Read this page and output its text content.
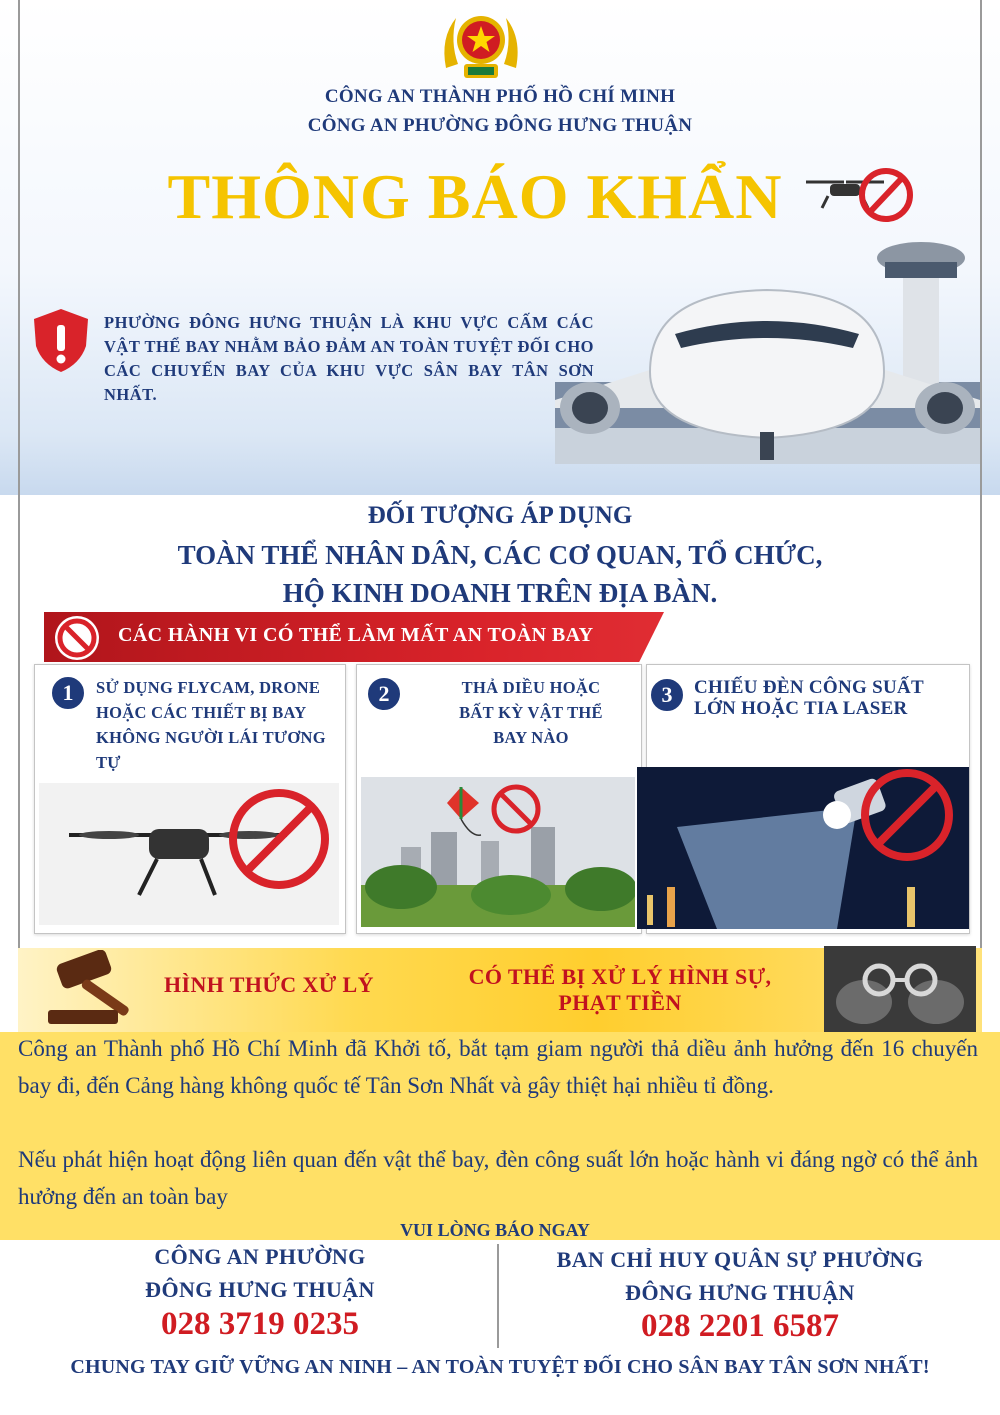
CÔNG AN THÀNH PHỐ HỒ CHÍ MINH
CÔNG AN PHƯỜNG ĐÔNG HƯNG THUẬN
THÔNG BÁO KHẨN
PHƯỜNG ĐÔNG HƯNG THUẬN LÀ KHU VỰC CẤM CÁC VẬT THỂ BAY NHẰM BẢO ĐẢM AN TOÀN TUYỆT ĐỐI CHO CÁC CHUYẾN BAY CỦA KHU VỰC SÂN BAY TÂN SƠN NHẤT.
ĐỐI TƯỢNG ÁP DỤNG
TOÀN THỂ NHÂN DÂN, CÁC CƠ QUAN, TỔ CHỨC,
HỘ KINH DOANH TRÊN ĐỊA BÀN.
CÁC HÀNH VI CÓ THỂ LÀM MẤT AN TOÀN BAY
1	SỬ DỤNG FLYCAM, DRONE HOẶC CÁC THIẾT BỊ BAY KHÔNG NGƯỜI LÁI TƯƠNG TỰ
2	THẢ DIỀU HOẶC BẤT KỲ VẬT THỂ BAY NÀO
3	CHIẾU ĐÈN CÔNG SUẤT LỚN HOẶC TIA LASER
HÌNH THỨC XỬ LÝ	CÓ THỂ BỊ XỬ LÝ HÌNH SỰ,
PHẠT TIỀN
Công an Thành phố Hồ Chí Minh đã Khởi tố, bắt tạm giam người thả diều ảnh hưởng đến 16 chuyến bay đi, đến Cảng hàng không quốc tế Tân Sơn Nhất và gây thiệt hại nhiều tỉ đồng.
Nếu phát hiện hoạt động liên quan đến vật thể bay, đèn công suất lớn hoặc hành vi đáng ngờ có thể ảnh hưởng đến an toàn bay
VUI LÒNG BÁO NGAY
CÔNG AN PHƯỜNG
ĐÔNG HƯNG THUẬN
028 3719 0235
BAN CHỈ HUY QUÂN SỰ PHƯỜNG
ĐÔNG HƯNG THUẬN
028 2201 6587
CHUNG TAY GIỮ VỮNG AN NINH – AN TOÀN TUYỆT ĐỐI CHO SÂN BAY TÂN SƠN NHẤT!
